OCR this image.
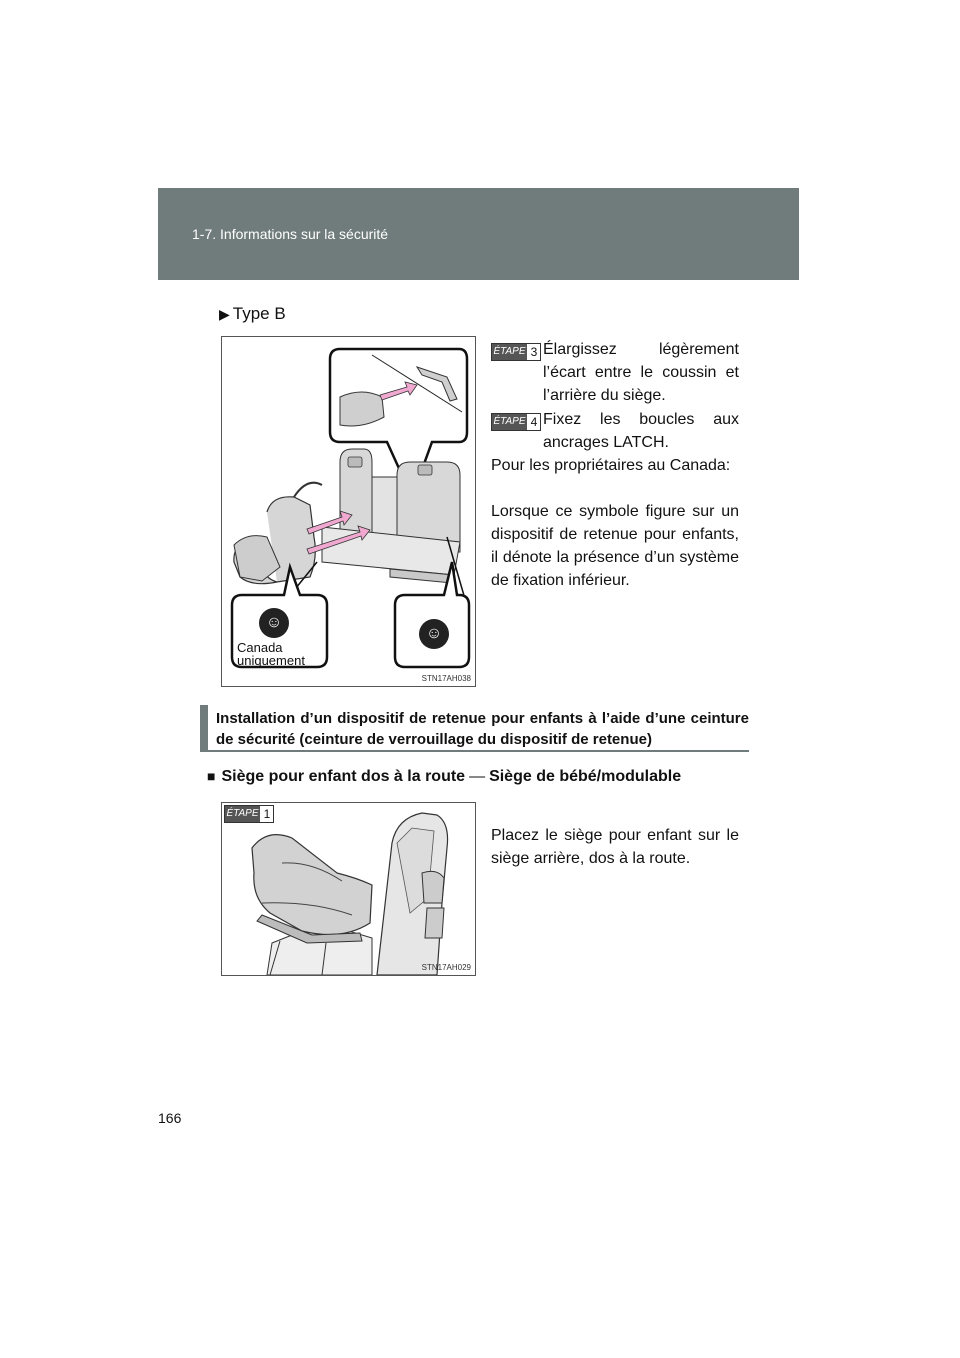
1-7. Informations sur la sécurité
▶ Type B
☺
Canada
uniquement
☺
STN17AH038
ÉTAPE 3 Élargissez légèrement l’écart entre le coussin et l’arrière du siège.
ÉTAPE 4 Fixez les boucles aux ancrages LATCH.
Pour les propriétaires au Canada:
Lorsque ce symbole figure sur un dispositif de retenue pour enfants, il dénote la présence d’un système de fixation inférieur.
Installation d’un dispositif de retenue pour enfants à l’aide d’une ceinture de sécurité (ceinture de verrouillage du dispositif de retenue)
■ Siège pour enfant dos à la route — Siège de bébé/modulable
ÉTAPE 1
STN17AH029
Placez le siège pour enfant sur le siège arrière, dos à la route.
166
